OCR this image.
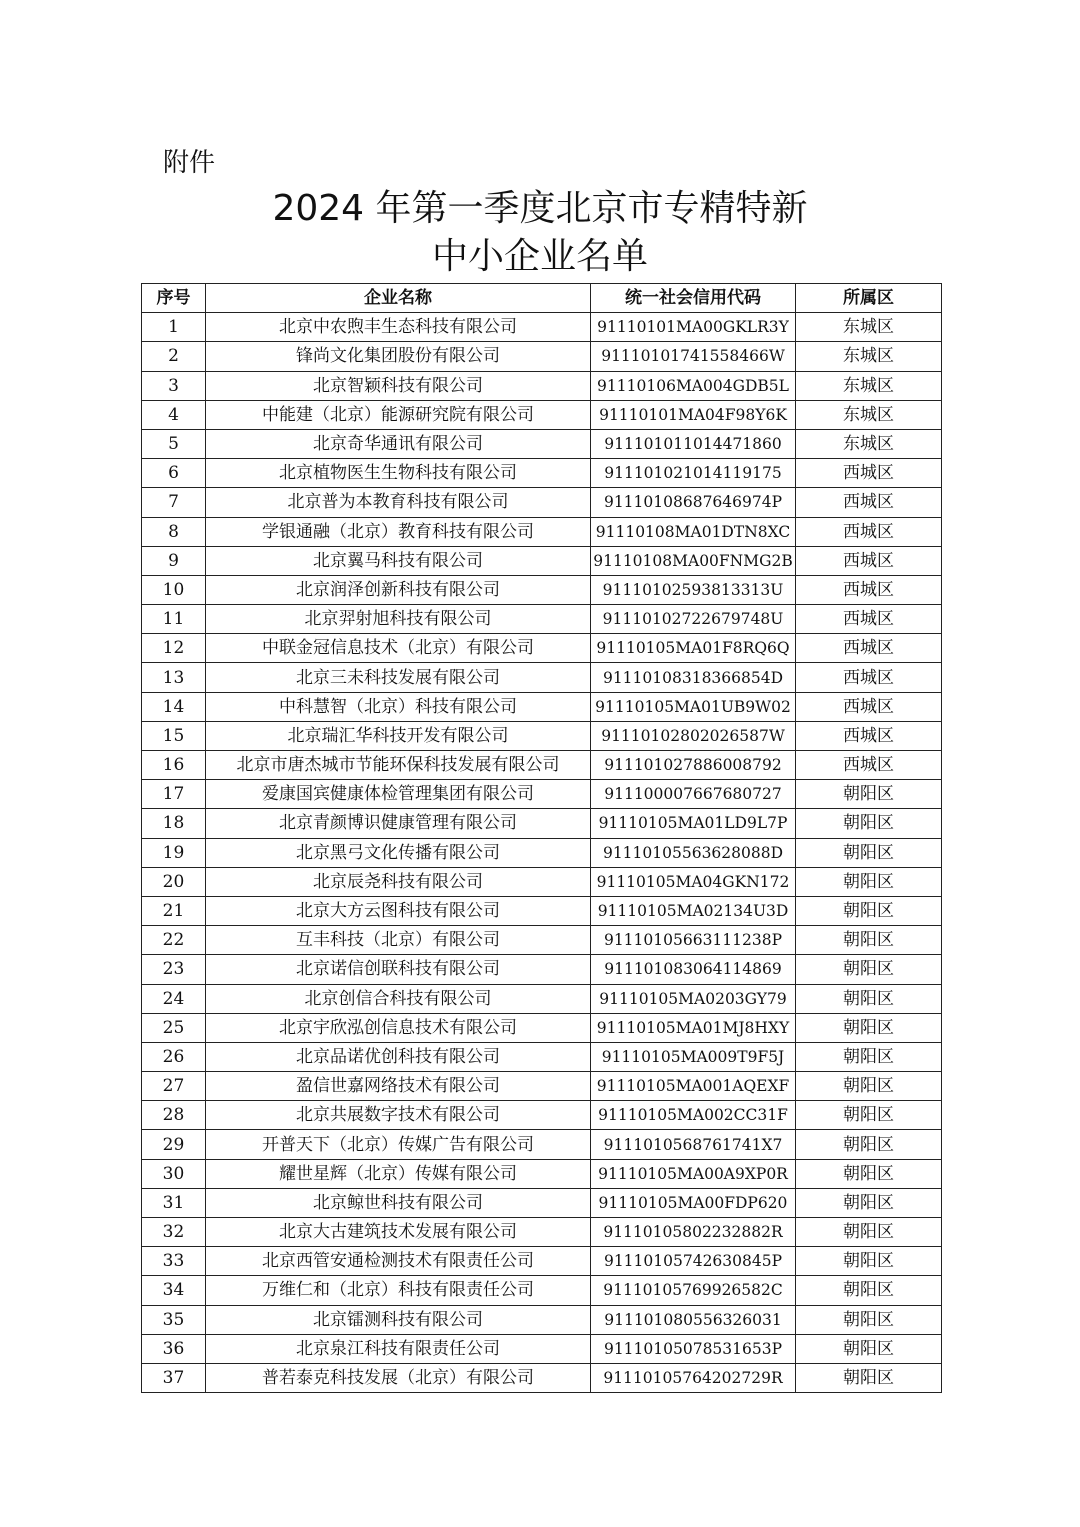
附件
2024 年第一季度北京市专精特新
中小企业名单
序号	企业名称	统一社会信用代码	所属区
1	北京中农煦丰生态科技有限公司	91110101MA00GKLR3Y	东城区
2	锋尚文化集团股份有限公司	91110101741558466W	东城区
3	北京智颖科技有限公司	91110106MA004GDB5L	东城区
4	中能建（北京）能源研究院有限公司	91110101MA04F98Y6K	东城区
5	北京奇华通讯有限公司	911101011014471860	东城区
6	北京植物医生生物科技有限公司	911101021014119175	西城区
7	北京普为本教育科技有限公司	91110108687646974P	西城区
8	学银通融（北京）教育科技有限公司	91110108MA01DTN8XC	西城区
9	北京翼马科技有限公司	91110108MA00FNMG2B	西城区
10	北京润泽创新科技有限公司	91110102593813313U	西城区
11	北京羿射旭科技有限公司	91110102722679748U	西城区
12	中联金冠信息技术（北京）有限公司	91110105MA01F8RQ6Q	西城区
13	北京三未科技发展有限公司	91110108318366854D	西城区
14	中科慧智（北京）科技有限公司	91110105MA01UB9W02	西城区
15	北京瑞汇华科技开发有限公司	91110102802026587W	西城区
16	北京市唐杰城市节能环保科技发展有限公司	911101027886008792	西城区
17	爱康国宾健康体检管理集团有限公司	911100007667680727	朝阳区
18	北京青颜博识健康管理有限公司	91110105MA01LD9L7P	朝阳区
19	北京黑弓文化传播有限公司	91110105563628088D	朝阳区
20	北京辰尧科技有限公司	91110105MA04GKN172	朝阳区
21	北京大方云图科技有限公司	91110105MA02134U3D	朝阳区
22	互丰科技（北京）有限公司	91110105663111238P	朝阳区
23	北京诺信创联科技有限公司	911101083064114869	朝阳区
24	北京创信合科技有限公司	91110105MA0203GY79	朝阳区
25	北京宇欣泓创信息技术有限公司	91110105MA01MJ8HXY	朝阳区
26	北京品诺优创科技有限公司	91110105MA009T9F5J	朝阳区
27	盈信世嘉网络技术有限公司	91110105MA001AQEXF	朝阳区
28	北京共展数字技术有限公司	91110105MA002CC31F	朝阳区
29	开普天下（北京）传媒广告有限公司	9111010568761741X7	朝阳区
30	耀世星辉（北京）传媒有限公司	91110105MA00A9XP0R	朝阳区
31	北京鲸世科技有限公司	91110105MA00FDP620	朝阳区
32	北京大古建筑技术发展有限公司	91110105802232882R	朝阳区
33	北京西管安通检测技术有限责任公司	91110105742630845P	朝阳区
34	万维仁和（北京）科技有限责任公司	91110105769926582C	朝阳区
35	北京镭测科技有限公司	911101080556326031	朝阳区
36	北京泉江科技有限责任公司	91110105078531653P	朝阳区
37	普若泰克科技发展（北京）有限公司	91110105764202729R	朝阳区
